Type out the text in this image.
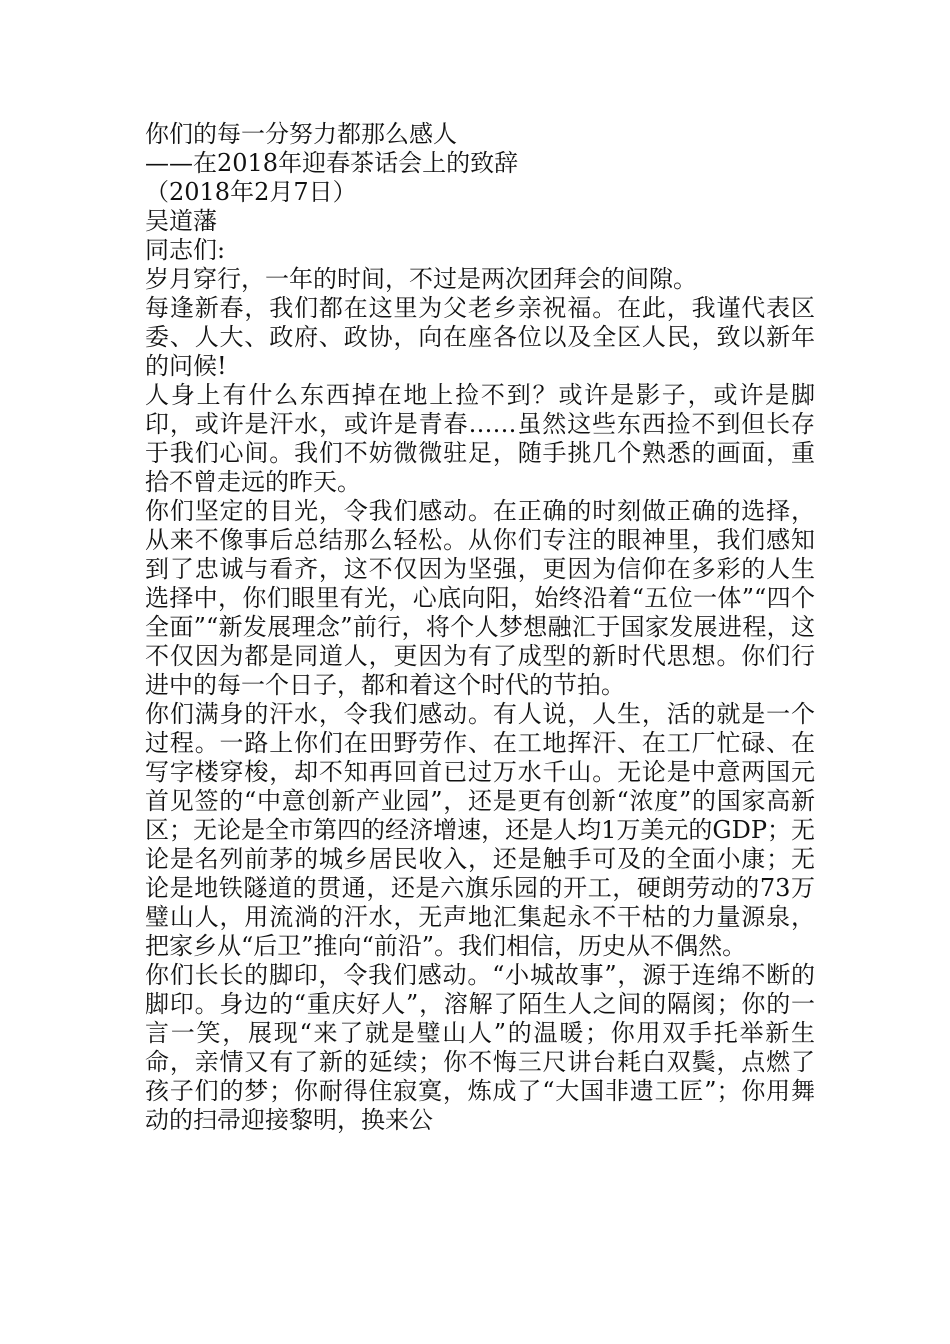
你们的每一分努力都那么感人

——在2018年迎春茶话会上的致辞

（2018年2月7日）

吴道藩

同志们:

岁月穿行，一年的时间，不过是两次团拜会的间隙。

每逢新春，我们都在这里为父老乡亲祝福。在此，我谨代表区委、人大、政府、政协，向在座各位以及全区人民，致以新年的问候!

人身上有什么东西掉在地上捡不到？或许是影子，或许是脚印，或许是汗水，或许是青春……虽然这些东西捡不到但长存于我们心间。我们不妨微微驻足，随手挑几个熟悉的画面，重拾不曾走远的昨天。

你们坚定的目光，令我们感动。在正确的时刻做正确的选择，从来不像事后总结那么轻松。从你们专注的眼神里，我们感知到了忠诚与看齐，这不仅因为坚强，更因为信仰在多彩的人生选择中，你们眼里有光，心底向阳，始终沿着“五位一体”“四个全面”“新发展理念”前行，将个人梦想融汇于国家发展进程，这不仅因为都是同道人，更因为有了成型的新时代思想。你们行进中的每一个日子，都和着这个时代的节拍。

你们满身的汗水，令我们感动。有人说，人生，活的就是一个过程。一路上你们在田野劳作、在工地挥汗、在工厂忙碌、在写字楼穿梭，却不知再回首已过万水千山。无论是中意两国元首见签的“中意创新产业园”，还是更有创新“浓度”的国家高新区；无论是全市第四的经济增速，还是人均1万美元的GDP；无论是名列前茅的城乡居民收入，还是触手可及的全面小康；无论是地铁隧道的贯通，还是六旗乐园的开工，硬朗劳动的73万璧山人，用流淌的汗水，无声地汇集起永不干枯的力量源泉，把家乡从“后卫”推向“前沿”。我们相信，历史从不偶然。

你们长长的脚印，令我们感动。“小城故事”，源于连绵不断的脚印。身边的“重庆好人”，溶解了陌生人之间的隔阂；你的一言一笑，展现“来了就是璧山人”的温暖；你用双手托举新生命，亲情又有了新的延续；你不悔三尺讲台耗白双鬓，点燃了孩子们的梦；你耐得住寂寞，炼成了“大国非遗工匠”；你用舞动的扫帚迎接黎明，换来公
